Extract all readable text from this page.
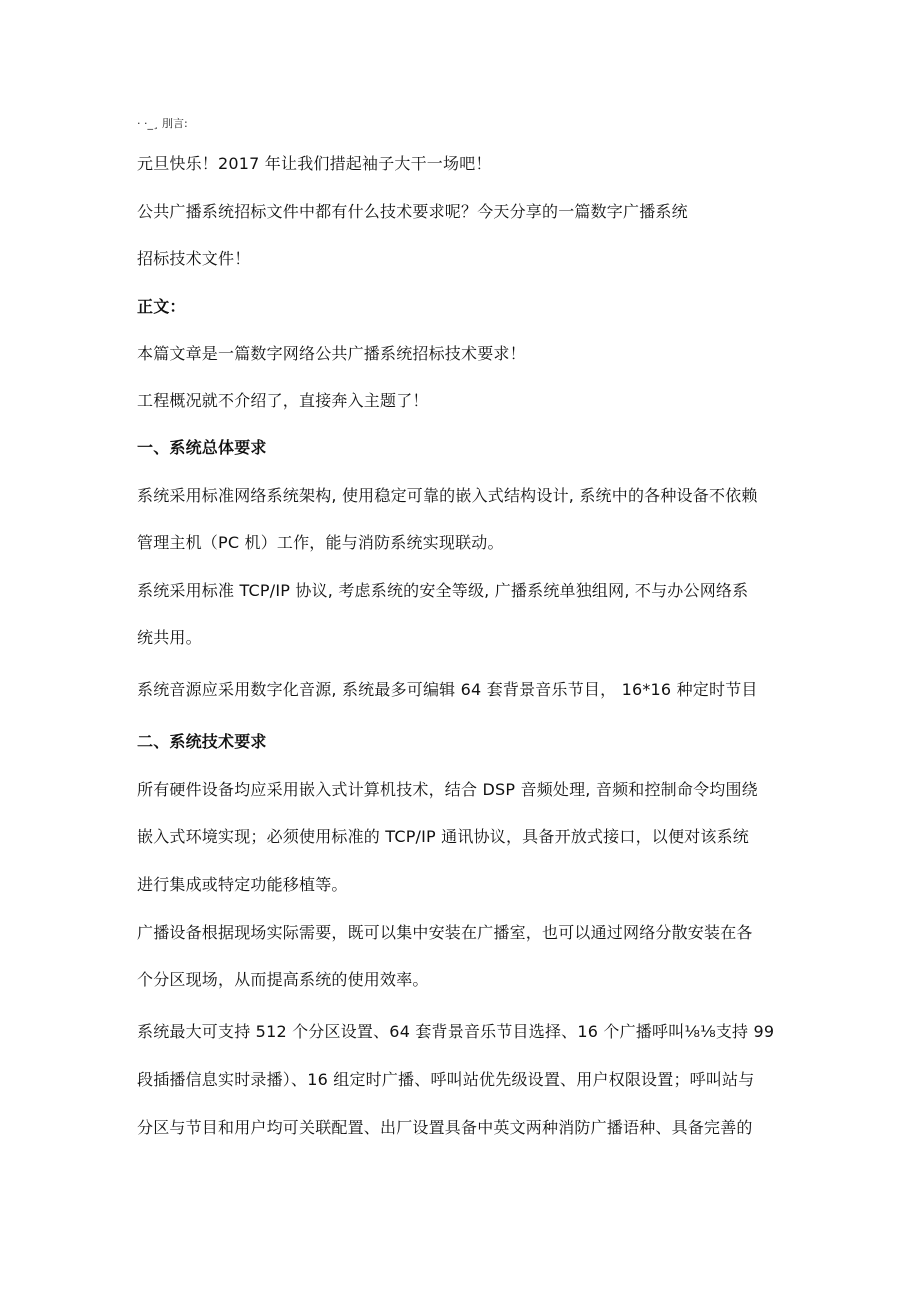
· ·_¸ 刖言:
元旦快乐！2017 年让我们措起袖子大干一场吧！
公共广播系统招标文件中都有什么技术要求呢？今天分享的一篇数字广播系统
招标技术文件！
正文：
本篇文章是一篇数字网络公共广播系统招标技术要求！
工程概况就不介绍了，直接奔入主题了！
一、系统总体要求
系统采用标准网络系统架构, 使用稳定可靠的嵌入式结构设计, 系统中的各种设备不依赖
管理主机（PC 机）工作，能与消防系统实现联动。
系统采用标准 TCP/IP 协议, 考虑系统的安全等级, 广播系统单独组网, 不与办公网络系
统共用。
系统音源应采用数字化音源, 系统最多可编辑 64 套背景音乐节目， 16*16 种定时节目
二、系统技术要求
所有硬件设备均应采用嵌入式计算机技术，结合 DSP 音频处理, 音频和控制命令均围绕
嵌入式环境实现；必须使用标准的 TCP/IP 通讯协议，具备开放式接口，以便对该系统
进行集成或特定功能移植等。
广播设备根据现场实际需要，既可以集中安装在广播室，也可以通过网络分散安装在各
个分区现场，从而提高系统的使用效率。
系统最大可支持 512 个分区设置、64 套背景音乐节目选择、16 个广播呼叫⅛⅛支持 99
段插播信息实时录播）、16 组定时广播、呼叫站优先级设置、用户权限设置；呼叫站与
分区与节目和用户均可关联配置、出厂设置具备中英文两种消防广播语种、具备完善的
